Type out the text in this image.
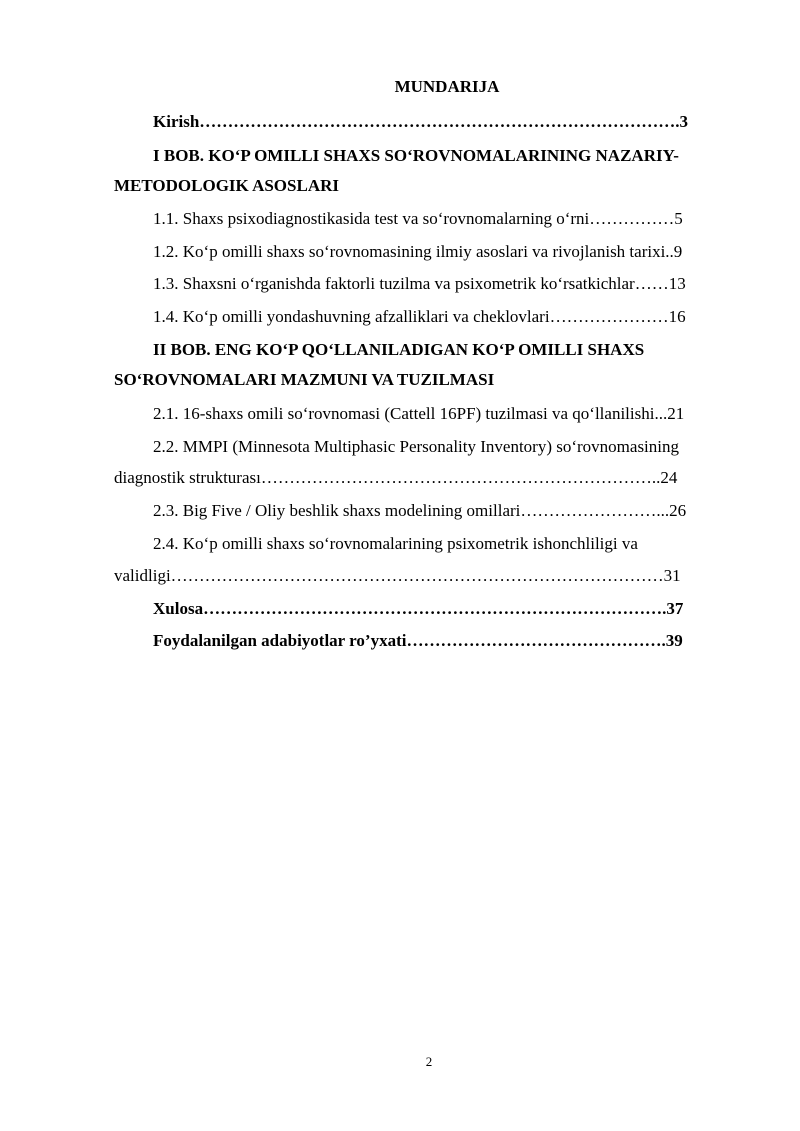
MUNDARIJA
Kirish………………………………………………………………………….3
I BOB. KO‘P OMILLI SHAXS SO‘ROVNOMALARINING NAZARIY-
METODOLOGIK ASOSLARI
1.1. Shaxs psixodiagnostikasida test va so‘rovnomalarning o‘rni……………5
1.2. Ko‘p omilli shaxs so‘rovnomasining ilmiy asoslari va rivojlanish tarixi..9
1.3. Shaxsni o‘rganishda faktorli tuzilma va psixometrik ko‘rsatkichlar……13
1.4. Ko‘p omilli yondashuvning afzalliklari va cheklovlari…………………16
II BOB. ENG KO‘P QO‘LLANILADIGAN KO‘P OMILLI SHAXS
SO‘ROVNOMALARI MAZMUNI VA TUZILMASI
2.1. 16-shaxs omili so‘rovnomasi (Cattell 16PF) tuzilmasi va qo‘llanilishi...21
2.2. MMPI (Minnesota Multiphasic Personality Inventory) so‘rovnomasining
diagnostik strukturası……………………………………………………………..24
2.3. Big Five / Oliy beshlik shaxs modelining omillari……………………...26
2.4. Ko‘p omilli shaxs so‘rovnomalarining psixometrik ishonchliligi va
validligi……………………………………………………………………………31
Xulosa……………………………………………………………………….37
Foydalanilgan adabiyotlar ro’yxati……………………………………….39
2
